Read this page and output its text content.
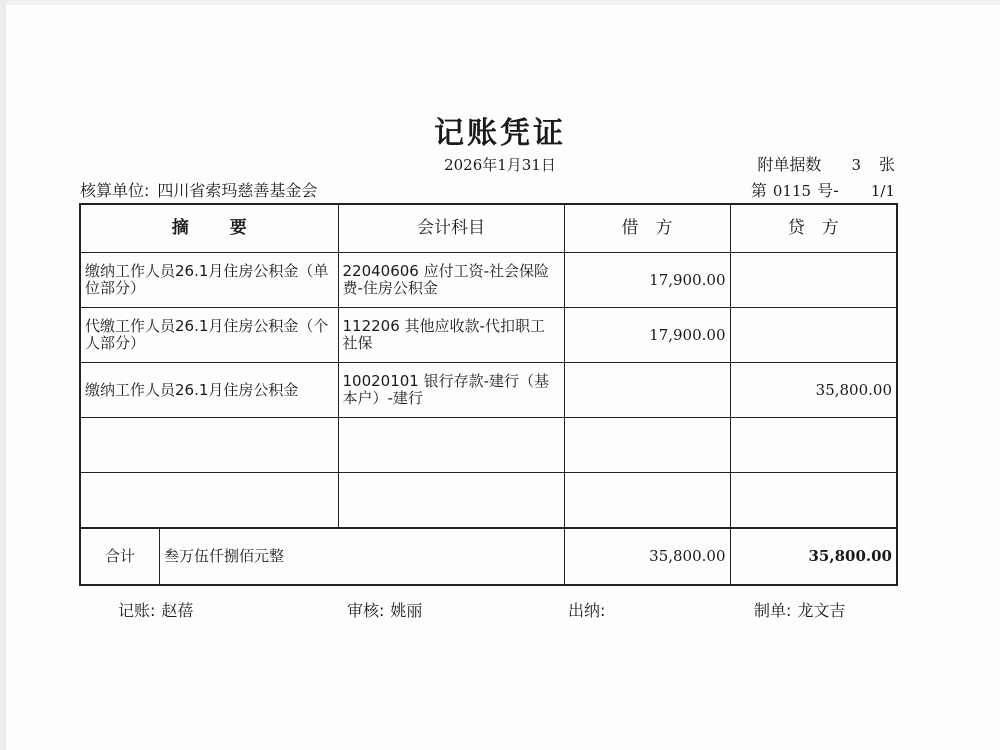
记账凭证
2026年1月31日	附单据数 3 张
核算单位: 四川省索玛慈善基金会	第 0115 号- 1/1
摘　要	会计科目	借　方	贷　方
缴纳工作人员26.1月住房公积金（单位部分）	22040606 应付工资-社会保险费-住房公积金	17,900.00	
代缴工作人员26.1月住房公积金（个人部分）	112206 其他应收款-代扣职工社保	17,900.00	
缴纳工作人员26.1月住房公积金	10020101 银行存款-建行（基本户）-建行		35,800.00

合计 叁万伍仟捌佰元整		35,800.00	35,800.00
记账: 赵蓓	审核: 姚丽	出纳:	制单: 龙文吉
